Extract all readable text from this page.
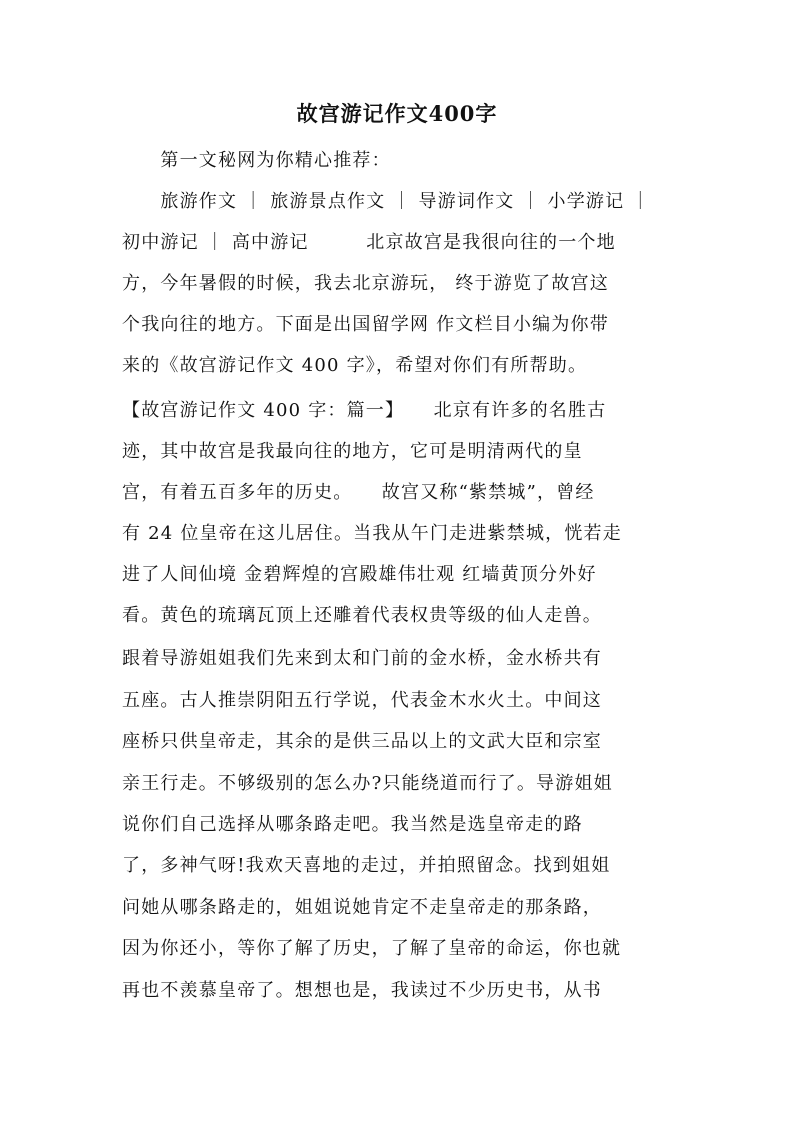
故宫游记作文400字
　　第一文秘网为你精心推荐：
　　旅游作文 ｜ 旅游景点作文 ｜ 导游词作文 ｜ 小学游记 ｜
初中游记 ｜ 高中游记　　　北京故宫是我很向往的一个地
方，今年暑假的时候，我去北京游玩， 终于游览了故宫这
个我向往的地方。下面是出国留学网 作文栏目小编为你带
来的《故宫游记作文 400 字》，希望对你们有所帮助。
【故宫游记作文 400 字：篇一】　　北京有许多的名胜古
迹，其中故宫是我最向往的地方，它可是明清两代的皇
宫，有着五百多年的历史。　　故宫又称“紫禁城”，曾经
有 24 位皇帝在这儿居住。当我从午门走进紫禁城，恍若走
进了人间仙境 金碧辉煌的宫殿雄伟壮观 红墙黄顶分外好
看。黄色的琉璃瓦顶上还雕着代表权贵等级的仙人走兽。
跟着导游姐姐我们先来到太和门前的金水桥，金水桥共有
五座。古人推崇阴阳五行学说，代表金木水火土。中间这
座桥只供皇帝走，其余的是供三品以上的文武大臣和宗室
亲王行走。不够级别的怎么办?只能绕道而行了。导游姐姐
说你们自己选择从哪条路走吧。我当然是选皇帝走的路
了，多神气呀!我欢天喜地的走过，并拍照留念。找到姐姐
问她从哪条路走的，姐姐说她肯定不走皇帝走的那条路，
因为你还小，等你了解了历史，了解了皇帝的命运，你也就
再也不羡慕皇帝了。想想也是，我读过不少历史书，从书
